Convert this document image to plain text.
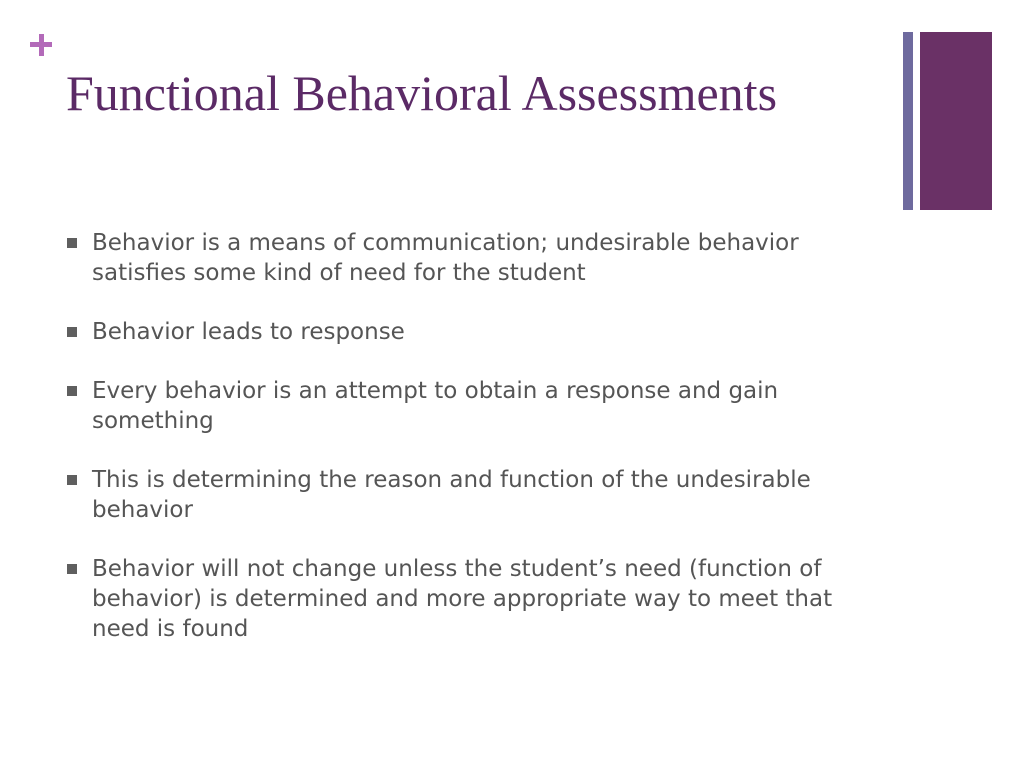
Functional Behavioral Assessments
Behavior is a means of communication; undesirable behavior satisfies some kind of need for the student
Behavior leads to response
Every behavior is an attempt to obtain a response and gain something
This is determining the reason and function of the undesirable behavior
Behavior will not change unless the student’s need (function of behavior) is determined and more appropriate way to meet that need is found
